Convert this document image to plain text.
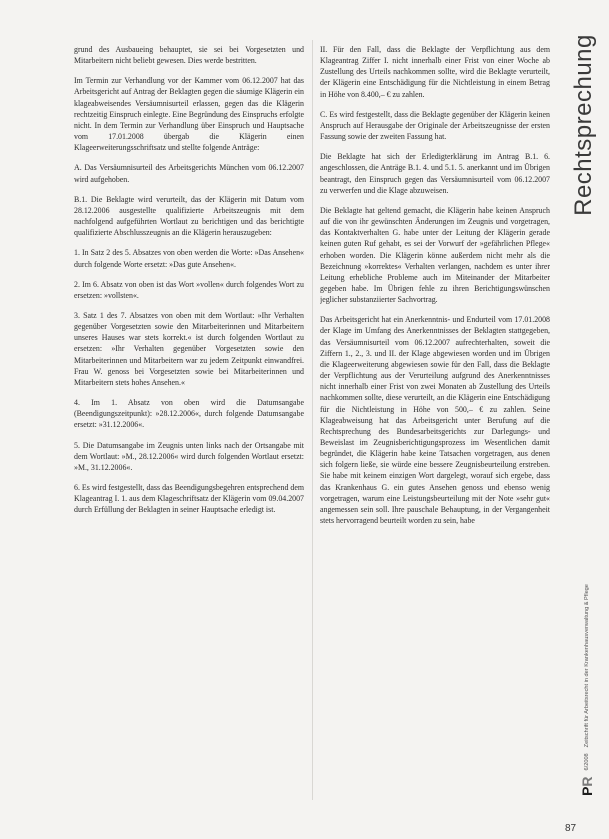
Rechtsprechung

grund des Ausbaueing behauptet, sie sei bei Vorgesetzten und Mitarbeitern nicht beliebt gewesen. Dies werde bestritten.

Im Termin zur Verhandlung vor der Kammer vom 06.12.2007 hat das Arbeitsgericht auf Antrag der Beklagten gegen die säumige Klägerin ein klageabweisendes Versäumnisurteil erlassen, gegen das die Klägerin rechtzeitig Einspruch einlegte. Eine Begründung des Einspruchs erfolgte nicht. In dem Termin zur Verhandlung über Einspruch und Hauptsache vom 17.01.2008 übergab die Klägerin einen Klageerweiterungsschriftsatz und stellte folgende Anträge:

A. Das Versäumnisurteil des Arbeitsgerichts München vom 06.12.2007 wird aufgehoben.

B.1. Die Beklagte wird verurteilt, das der Klägerin mit Datum vom 28.12.2006 ausgestellte qualifizierte Arbeitszeugnis mit dem nachfolgend aufgeführten Wortlaut zu berichtigen und das berichtigte qualifizierte Abschlusszeugnis an die Klägerin herauszugeben:

1. In Satz 2 des 5. Absatzes von oben werden die Worte: »Das Ansehen« durch folgende Worte ersetzt: »Das gute Ansehen«.

2. Im 6. Absatz von oben ist das Wort »vollen« durch folgendes Wort zu ersetzen: »vollsten«.

3. Satz 1 des 7. Absatzes von oben mit dem Wortlaut: »Ihr Verhalten gegenüber Vorgesetzten sowie den Mitarbeiterinnen und Mitarbeitern unseres Hauses war stets korrekt.« ist durch folgenden Wortlaut zu ersetzen: »Ihr Verhalten gegenüber Vorgesetzten sowie den Mitarbeiterinnen und Mitarbeitern war zu jedem Zeitpunkt einwandfrei. Frau W. genoss bei Vorgesetzten sowie bei Mitarbeiterinnen und Mitarbeitern stets hohes Ansehen.«

4. Im 1. Absatz von oben wird die Datumsangabe (Beendigungszeitpunkt): »28.12.2006«, durch folgende Datumsangabe ersetzt: »31.12.2006«.

5. Die Datumsangabe im Zeugnis unten links nach der Ortsangabe mit dem Wortlaut: »M., 28.12.2006« wird durch folgenden Wortlaut ersetzt: »M., 31.12.2006«.

6. Es wird festgestellt, dass das Beendigungsbegehren entsprechend dem Klageantrag I. 1. aus dem Klageschriftsatz der Klägerin vom 09.04.2007 durch Erfüllung der Beklagten in seiner Hauptsache erledigt ist.

II. Für den Fall, dass die Beklagte der Verpflichtung aus dem Klageantrag Ziffer I. nicht innerhalb einer Frist von einer Woche ab Zustellung des Urteils nachkommen sollte, wird die Beklagte verurteilt, der Klägerin eine Entschädigung für die Nichtleistung in einem Betrag in Höhe von 8.400,– € zu zahlen.

C. Es wird festgestellt, dass die Beklagte gegenüber der Klägerin keinen Anspruch auf Herausgabe der Originale der Arbeitszeugnisse der ersten Fassung sowie der zweiten Fassung hat.

Die Beklagte hat sich der Erledigterklärung im Antrag B.1. 6. angeschlossen, die Anträge B.1. 4. und 5.1. 5. anerkannt und im Übrigen beantragt, den Einspruch gegen das Versäumnisurteil vom 06.12.2007 zu verwerfen und die Klage abzuweisen.

Die Beklagte hat geltend gemacht, die Klägerin habe keinen Anspruch auf die von ihr gewünschten Änderungen im Zeugnis und vorgetragen, das Kontaktverhalten G. habe unter der Leitung der Klägerin gerade keinen guten Ruf gehabt, es sei der Vorwurf der »gefährlichen Pflege« erhoben worden. Die Klägerin könne außerdem nicht mehr als die Bezeichnung »korrektes« Verhalten verlangen, nachdem es unter ihrer Leitung erhebliche Probleme auch im Miteinander der Mitarbeiter gegeben habe. Im Übrigen fehle zu ihren Berichtigungswünschen jeglicher substanziierter Sachvortrag.

Das Arbeitsgericht hat ein Anerkenntnis- und Endurteil vom 17.01.2008 der Klage im Umfang des Anerkenntnisses der Beklagten stattgegeben, das Versäumnisurteil vom 06.12.2007 aufrechterhalten, soweit die Ziffern 1., 2., 3. und II. der Klage abgewiesen worden und im Übrigen die Klageerweiterung abgewiesen sowie für den Fall, dass die Beklagte der Verpflichtung aus der Verurteilung aufgrund des Anerkenntnisses nicht innerhalb einer Frist von zwei Monaten ab Zustellung des Urteils nachkommen sollte, diese verurteilt, an die Klägerin eine Entschädigung für die Nichtleistung in Höhe von 500,– € zu zahlen. Seine Klageabweisung hat das Arbeitsgericht unter Berufung auf die Rechtsprechung des Bundesarbeitsgerichts zur Darlegungs- und Beweislast im Zeugnisberichtigungsprozess im Wesentlichen damit begründet, die Klägerin habe keine Tatsachen vorgetragen, aus denen sich folgern ließe, sie würde eine bessere Zeugnisbeurteilung erstreben. Sie habe mit keinem einzigen Wort dargelegt, worauf sich ergebe, dass das Krankenhaus G. ein gutes Ansehen genoss und ebenso wenig vorgetragen, warum eine Leistungsbeurteilung mit der Note »sehr gut« angemessen sein soll. Ihre pauschale Behauptung, in der Vergangenheit stets hervorragend beurteilt worden zu sein, habe

PR
6/2008
Zeitschrift für Arbeitsrecht in der Krankenhausverwaltung & Pflege
87
